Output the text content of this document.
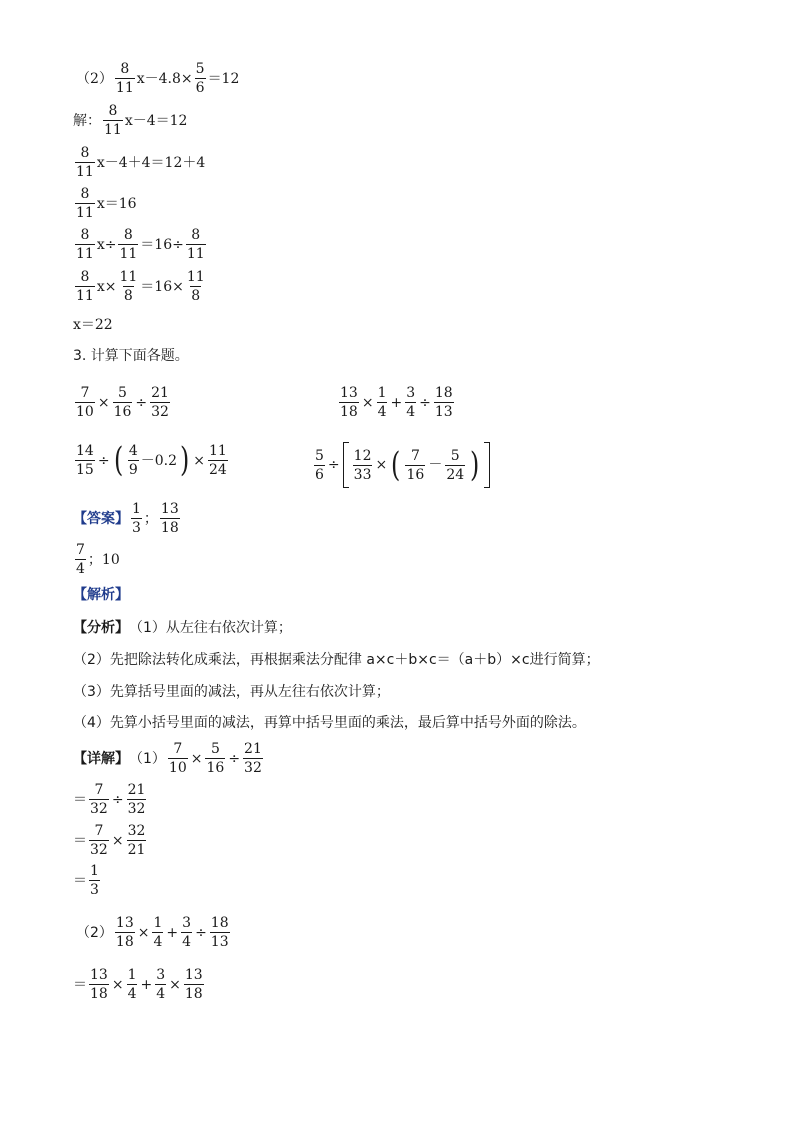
$(2) \frac{8}{11} x-4.8\times \frac{5}{6} =12$
解： $\frac{8}{11} x-4=12$
$\frac{8}{11} x-4+4=12+4$
$\frac{8}{11} x=16$
$\frac{8}{11} x\div \frac{8}{11} =16\div \frac{8}{11}$
$\frac{8}{11} x\times \frac{11}{8} =16\times \frac{11}{8}$
x＝22
3. 计算下面各题。
$\frac{7}{10} \times \frac{5}{16} \div \frac{21}{32}$	$\frac{13}{18} \times \frac{1}{4} + \frac{3}{4} \div \frac{18}{13}$
$\frac{14}{15}$ ÷ ( $\frac{4}{9} -0.2$ ) × $\frac{11}{24}$	$\frac{5}{6} \div \frac{12}{33}$ × ( $\frac{7}{16} - \frac{5}{24}$ )
【答案】 $\frac{1}{3}$ ； $\frac{13}{18}$
$\frac{7}{4}$ ；10
【解析】
【分析】 （1）从左往右依次计算；
（2）先把除法转化成乘法，再根据乘法分配律 a×c＋b×c＝（a＋b）×c进行简算；
（3）先算括号里面的减法，再从左往右依次计算；
（4）先算小括号里面的减法，再算中括号里面的乘法，最后算中括号外面的除法。
【详解】 $(1) \frac{7}{10} \times \frac{5}{16} \div \frac{21}{32}$
＝ $\frac{7}{32} \div \frac{21}{32}$
＝ $\frac{7}{32} \times \frac{32}{21}$
＝ $\frac{1}{3}$
$(2) \frac{13}{18} \times \frac{1}{4} + \frac{3}{4} \div \frac{18}{13}$
＝ $\frac{13}{18} \times \frac{1}{4} + \frac{3}{4} \times \frac{13}{18}$
